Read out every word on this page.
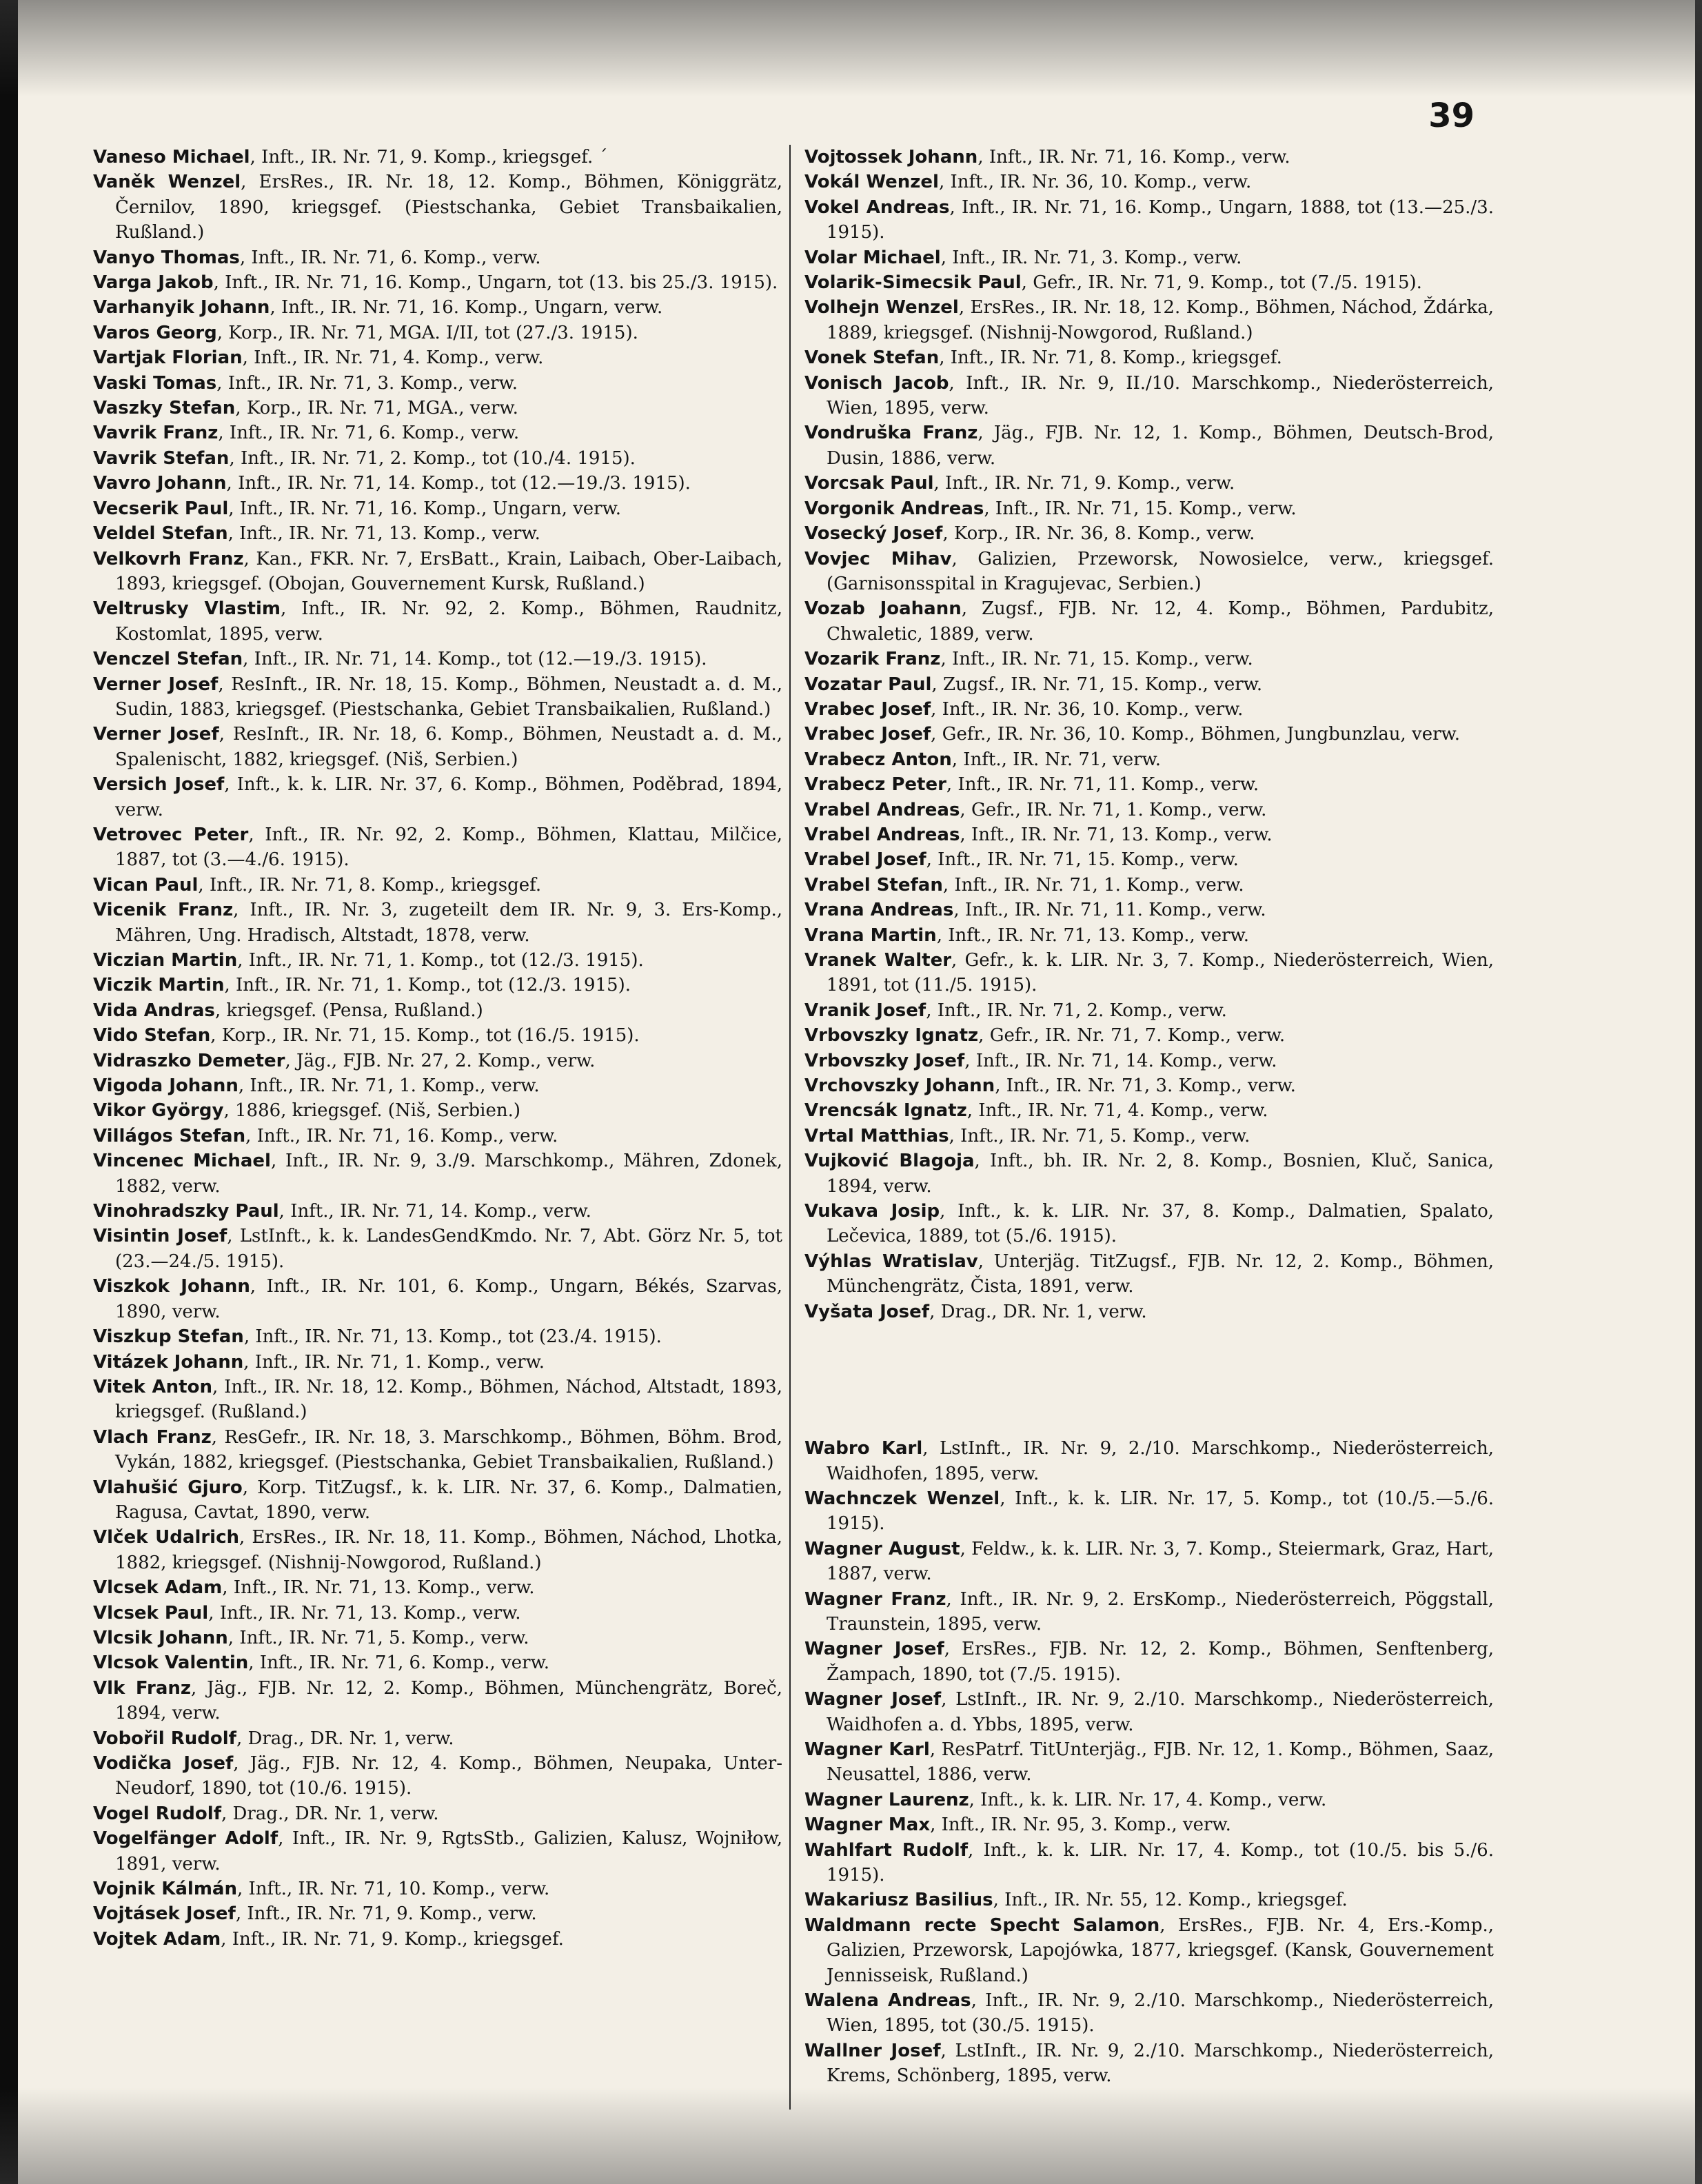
39

Vaneso Michael, Inft., IR. Nr. 71, 9. Komp., kriegsgef. ´

Vaněk Wenzel, ErsRes., IR. Nr. 18, 12. Komp., Böhmen, Königgrätz, Černilov, 1890, kriegsgef. (Piestschanka, Gebiet Transbaikalien, Rußland.)

Vanyo Thomas, Inft., IR. Nr. 71, 6. Komp., verw.

Varga Jakob, Inft., IR. Nr. 71, 16. Komp., Ungarn, tot (13. bis 25./3. 1915).

Varhanyik Johann, Inft., IR. Nr. 71, 16. Komp., Ungarn, verw.

Varos Georg, Korp., IR. Nr. 71, MGA. I/II, tot (27./3. 1915).

Vartjak Florian, Inft., IR. Nr. 71, 4. Komp., verw.

Vaski Tomas, Inft., IR. Nr. 71, 3. Komp., verw.

Vaszky Stefan, Korp., IR. Nr. 71, MGA., verw.

Vavrik Franz, Inft., IR. Nr. 71, 6. Komp., verw.

Vavrik Stefan, Inft., IR. Nr. 71, 2. Komp., tot (10./4. 1915).

Vavro Johann, Inft., IR. Nr. 71, 14. Komp., tot (12.—19./3. 1915).

Vecserik Paul, Inft., IR. Nr. 71, 16. Komp., Ungarn, verw.

Veldel Stefan, Inft., IR. Nr. 71, 13. Komp., verw.

Velkovrh Franz, Kan., FKR. Nr. 7, ErsBatt., Krain, Laibach, Ober-Laibach, 1893, kriegsgef. (Obojan, Gouvernement Kursk, Rußland.)

Veltrusky Vlastim, Inft., IR. Nr. 92, 2. Komp., Böhmen, Raudnitz, Kostomlat, 1895, verw.

Venczel Stefan, Inft., IR. Nr. 71, 14. Komp., tot (12.—19./3. 1915).

Verner Josef, ResInft., IR. Nr. 18, 15. Komp., Böhmen, Neustadt a. d. M., Sudin, 1883, kriegsgef. (Piestschanka, Gebiet Transbaikalien, Rußland.)

Verner Josef, ResInft., IR. Nr. 18, 6. Komp., Böhmen, Neustadt a. d. M., Spalenischt, 1882, kriegsgef. (Niš, Serbien.)

Versich Josef, Inft., k. k. LIR. Nr. 37, 6. Komp., Böhmen, Poděbrad, 1894, verw.

Vetrovec Peter, Inft., IR. Nr. 92, 2. Komp., Böhmen, Klattau, Milčice, 1887, tot (3.—4./6. 1915).

Vican Paul, Inft., IR. Nr. 71, 8. Komp., kriegsgef.

Vicenik Franz, Inft., IR. Nr. 3, zugeteilt dem IR. Nr. 9, 3. Ers-Komp., Mähren, Ung. Hradisch, Altstadt, 1878, verw.

Viczian Martin, Inft., IR. Nr. 71, 1. Komp., tot (12./3. 1915).

Viczik Martin, Inft., IR. Nr. 71, 1. Komp., tot (12./3. 1915).

Vida Andras, kriegsgef. (Pensa, Rußland.)

Vido Stefan, Korp., IR. Nr. 71, 15. Komp., tot (16./5. 1915).

Vidraszko Demeter, Jäg., FJB. Nr. 27, 2. Komp., verw.

Vigoda Johann, Inft., IR. Nr. 71, 1. Komp., verw.

Vikor György, 1886, kriegsgef. (Niš, Serbien.)

Villágos Stefan, Inft., IR. Nr. 71, 16. Komp., verw.

Vincenec Michael, Inft., IR. Nr. 9, 3./9. Marschkomp., Mähren, Zdonek, 1882, verw.

Vinohradszky Paul, Inft., IR. Nr. 71, 14. Komp., verw.

Visintin Josef, LstInft., k. k. LandesGendKmdo. Nr. 7, Abt. Görz Nr. 5, tot (23.—24./5. 1915).

Viszkok Johann, Inft., IR. Nr. 101, 6. Komp., Ungarn, Békés, Szarvas, 1890, verw.

Viszkup Stefan, Inft., IR. Nr. 71, 13. Komp., tot (23./4. 1915).

Vitázek Johann, Inft., IR. Nr. 71, 1. Komp., verw.

Vitek Anton, Inft., IR. Nr. 18, 12. Komp., Böhmen, Náchod, Altstadt, 1893, kriegsgef. (Rußland.)

Vlach Franz, ResGefr., IR. Nr. 18, 3. Marschkomp., Böhmen, Böhm. Brod, Vykán, 1882, kriegsgef. (Piestschanka, Gebiet Transbaikalien, Rußland.)

Vlahušić Gjuro, Korp. TitZugsf., k. k. LIR. Nr. 37, 6. Komp., Dalmatien, Ragusa, Cavtat, 1890, verw.

Vlček Udalrich, ErsRes., IR. Nr. 18, 11. Komp., Böhmen, Náchod, Lhotka, 1882, kriegsgef. (Nishnij-Nowgorod, Rußland.)

Vlcsek Adam, Inft., IR. Nr. 71, 13. Komp., verw.

Vlcsek Paul, Inft., IR. Nr. 71, 13. Komp., verw.

Vlcsik Johann, Inft., IR. Nr. 71, 5. Komp., verw.

Vlcsok Valentin, Inft., IR. Nr. 71, 6. Komp., verw.

Vlk Franz, Jäg., FJB. Nr. 12, 2. Komp., Böhmen, Münchengrätz, Boreč, 1894, verw.

Vobořil Rudolf, Drag., DR. Nr. 1, verw.

Vodička Josef, Jäg., FJB. Nr. 12, 4. Komp., Böhmen, Neupaka, Unter-Neudorf, 1890, tot (10./6. 1915).

Vogel Rudolf, Drag., DR. Nr. 1, verw.

Vogelfänger Adolf, Inft., IR. Nr. 9, RgtsStb., Galizien, Kalusz, Wojniłow, 1891, verw.

Vojnik Kálmán, Inft., IR. Nr. 71, 10. Komp., verw.

Vojtásek Josef, Inft., IR. Nr. 71, 9. Komp., verw.

Vojtek Adam, Inft., IR. Nr. 71, 9. Komp., kriegsgef.

Vojtossek Johann, Inft., IR. Nr. 71, 16. Komp., verw.

Vokál Wenzel, Inft., IR. Nr. 36, 10. Komp., verw.

Vokel Andreas, Inft., IR. Nr. 71, 16. Komp., Ungarn, 1888, tot (13.—25./3. 1915).

Volar Michael, Inft., IR. Nr. 71, 3. Komp., verw.

Volarik-Simecsik Paul, Gefr., IR. Nr. 71, 9. Komp., tot (7./5. 1915).

Volhejn Wenzel, ErsRes., IR. Nr. 18, 12. Komp., Böhmen, Náchod, Ždárka, 1889, kriegsgef. (Nishnij-Nowgorod, Rußland.)

Vonek Stefan, Inft., IR. Nr. 71, 8. Komp., kriegsgef.

Vonisch Jacob, Inft., IR. Nr. 9, II./10. Marschkomp., Niederösterreich, Wien, 1895, verw.

Vondruška Franz, Jäg., FJB. Nr. 12, 1. Komp., Böhmen, Deutsch-Brod, Dusin, 1886, verw.

Vorcsak Paul, Inft., IR. Nr. 71, 9. Komp., verw.

Vorgonik Andreas, Inft., IR. Nr. 71, 15. Komp., verw.

Vosecký Josef, Korp., IR. Nr. 36, 8. Komp., verw.

Vovjec Mihav, Galizien, Przeworsk, Nowosielce, verw., kriegsgef. (Garnisonsspital in Kragujevac, Serbien.)

Vozab Joahann, Zugsf., FJB. Nr. 12, 4. Komp., Böhmen, Pardubitz, Chwaletic, 1889, verw.

Vozarik Franz, Inft., IR. Nr. 71, 15. Komp., verw.

Vozatar Paul, Zugsf., IR. Nr. 71, 15. Komp., verw.

Vrabec Josef, Inft., IR. Nr. 36, 10. Komp., verw.

Vrabec Josef, Gefr., IR. Nr. 36, 10. Komp., Böhmen, Jungbunzlau, verw.

Vrabecz Anton, Inft., IR. Nr. 71, verw.

Vrabecz Peter, Inft., IR. Nr. 71, 11. Komp., verw.

Vrabel Andreas, Gefr., IR. Nr. 71, 1. Komp., verw.

Vrabel Andreas, Inft., IR. Nr. 71, 13. Komp., verw.

Vrabel Josef, Inft., IR. Nr. 71, 15. Komp., verw.

Vrabel Stefan, Inft., IR. Nr. 71, 1. Komp., verw.

Vrana Andreas, Inft., IR. Nr. 71, 11. Komp., verw.

Vrana Martin, Inft., IR. Nr. 71, 13. Komp., verw.

Vranek Walter, Gefr., k. k. LIR. Nr. 3, 7. Komp., Niederösterreich, Wien, 1891, tot (11./5. 1915).

Vranik Josef, Inft., IR. Nr. 71, 2. Komp., verw.

Vrbovszky Ignatz, Gefr., IR. Nr. 71, 7. Komp., verw.

Vrbovszky Josef, Inft., IR. Nr. 71, 14. Komp., verw.

Vrchovszky Johann, Inft., IR. Nr. 71, 3. Komp., verw.

Vrencsák Ignatz, Inft., IR. Nr. 71, 4. Komp., verw.

Vrtal Matthias, Inft., IR. Nr. 71, 5. Komp., verw.

Vujković Blagoja, Inft., bh. IR. Nr. 2, 8. Komp., Bosnien, Kluč, Sanica, 1894, verw.

Vukava Josip, Inft., k. k. LIR. Nr. 37, 8. Komp., Dalmatien, Spalato, Lečevica, 1889, tot (5./6. 1915).

Výhlas Wratislav, Unterjäg. TitZugsf., FJB. Nr. 12, 2. Komp., Böhmen, Münchengrätz, Čista, 1891, verw.

Vyšata Josef, Drag., DR. Nr. 1, verw.

Wabro Karl, LstInft., IR. Nr. 9, 2./10. Marschkomp., Niederösterreich, Waidhofen, 1895, verw.

Wachnczek Wenzel, Inft., k. k. LIR. Nr. 17, 5. Komp., tot (10./5.—5./6. 1915).

Wagner August, Feldw., k. k. LIR. Nr. 3, 7. Komp., Steiermark, Graz, Hart, 1887, verw.

Wagner Franz, Inft., IR. Nr. 9, 2. ErsKomp., Niederösterreich, Pöggstall, Traunstein, 1895, verw.

Wagner Josef, ErsRes., FJB. Nr. 12, 2. Komp., Böhmen, Senftenberg, Žampach, 1890, tot (7./5. 1915).

Wagner Josef, LstInft., IR. Nr. 9, 2./10. Marschkomp., Niederösterreich, Waidhofen a. d. Ybbs, 1895, verw.

Wagner Karl, ResPatrf. TitUnterjäg., FJB. Nr. 12, 1. Komp., Böhmen, Saaz, Neusattel, 1886, verw.

Wagner Laurenz, Inft., k. k. LIR. Nr. 17, 4. Komp., verw.

Wagner Max, Inft., IR. Nr. 95, 3. Komp., verw.

Wahlfart Rudolf, Inft., k. k. LIR. Nr. 17, 4. Komp., tot (10./5. bis 5./6. 1915).

Wakariusz Basilius, Inft., IR. Nr. 55, 12. Komp., kriegsgef.

Waldmann recte Specht Salamon, ErsRes., FJB. Nr. 4, Ers.-Komp., Galizien, Przeworsk, Lapojówka, 1877, kriegsgef. (Kansk, Gouvernement Jennisseisk, Rußland.)

Walena Andreas, Inft., IR. Nr. 9, 2./10. Marschkomp., Niederösterreich, Wien, 1895, tot (30./5. 1915).

Wallner Josef, LstInft., IR. Nr. 9, 2./10. Marschkomp., Niederösterreich, Krems, Schönberg, 1895, verw.
